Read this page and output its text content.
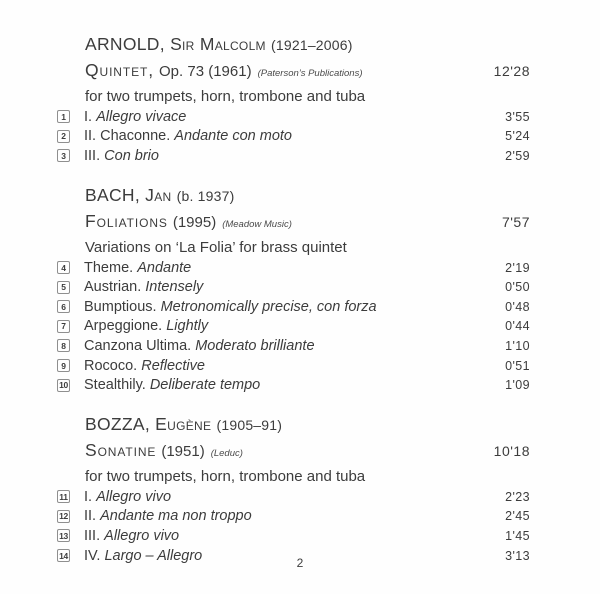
ARNOLD, Sir Malcolm (1921–2006)
Quintet, Op. 73 (1961) (Paterson’s Publications)	12'28
for two trumpets, horn, trombone and tuba
1 I. Allegro vivace	3'55
2 II. Chaconne. Andante con moto	5'24
3 III. Con brio	2'59
BACH, Jan (b. 1937)
Foliations (1995) (Meadow Music)	7'57
Variations on ‘La Folia’ for brass quintet
4 Theme. Andante	2'19
5 Austrian. Intensely	0'50
6 Bumptious. Metronomically precise, con forza	0'48
7 Arpeggione. Lightly	0'44
8 Canzona Ultima. Moderato brilliante	1'10
9 Rococo. Reflective	0'51
10 Stealthily. Deliberate tempo	1'09
BOZZA, Eugène (1905–91)
Sonatine (1951) (Leduc)	10'18
for two trumpets, horn, trombone and tuba
11 I. Allegro vivo	2'23
12 II. Andante ma non troppo	2'45
13 III. Allegro vivo	1'45
14 IV. Largo – Allegro	3'13
2
